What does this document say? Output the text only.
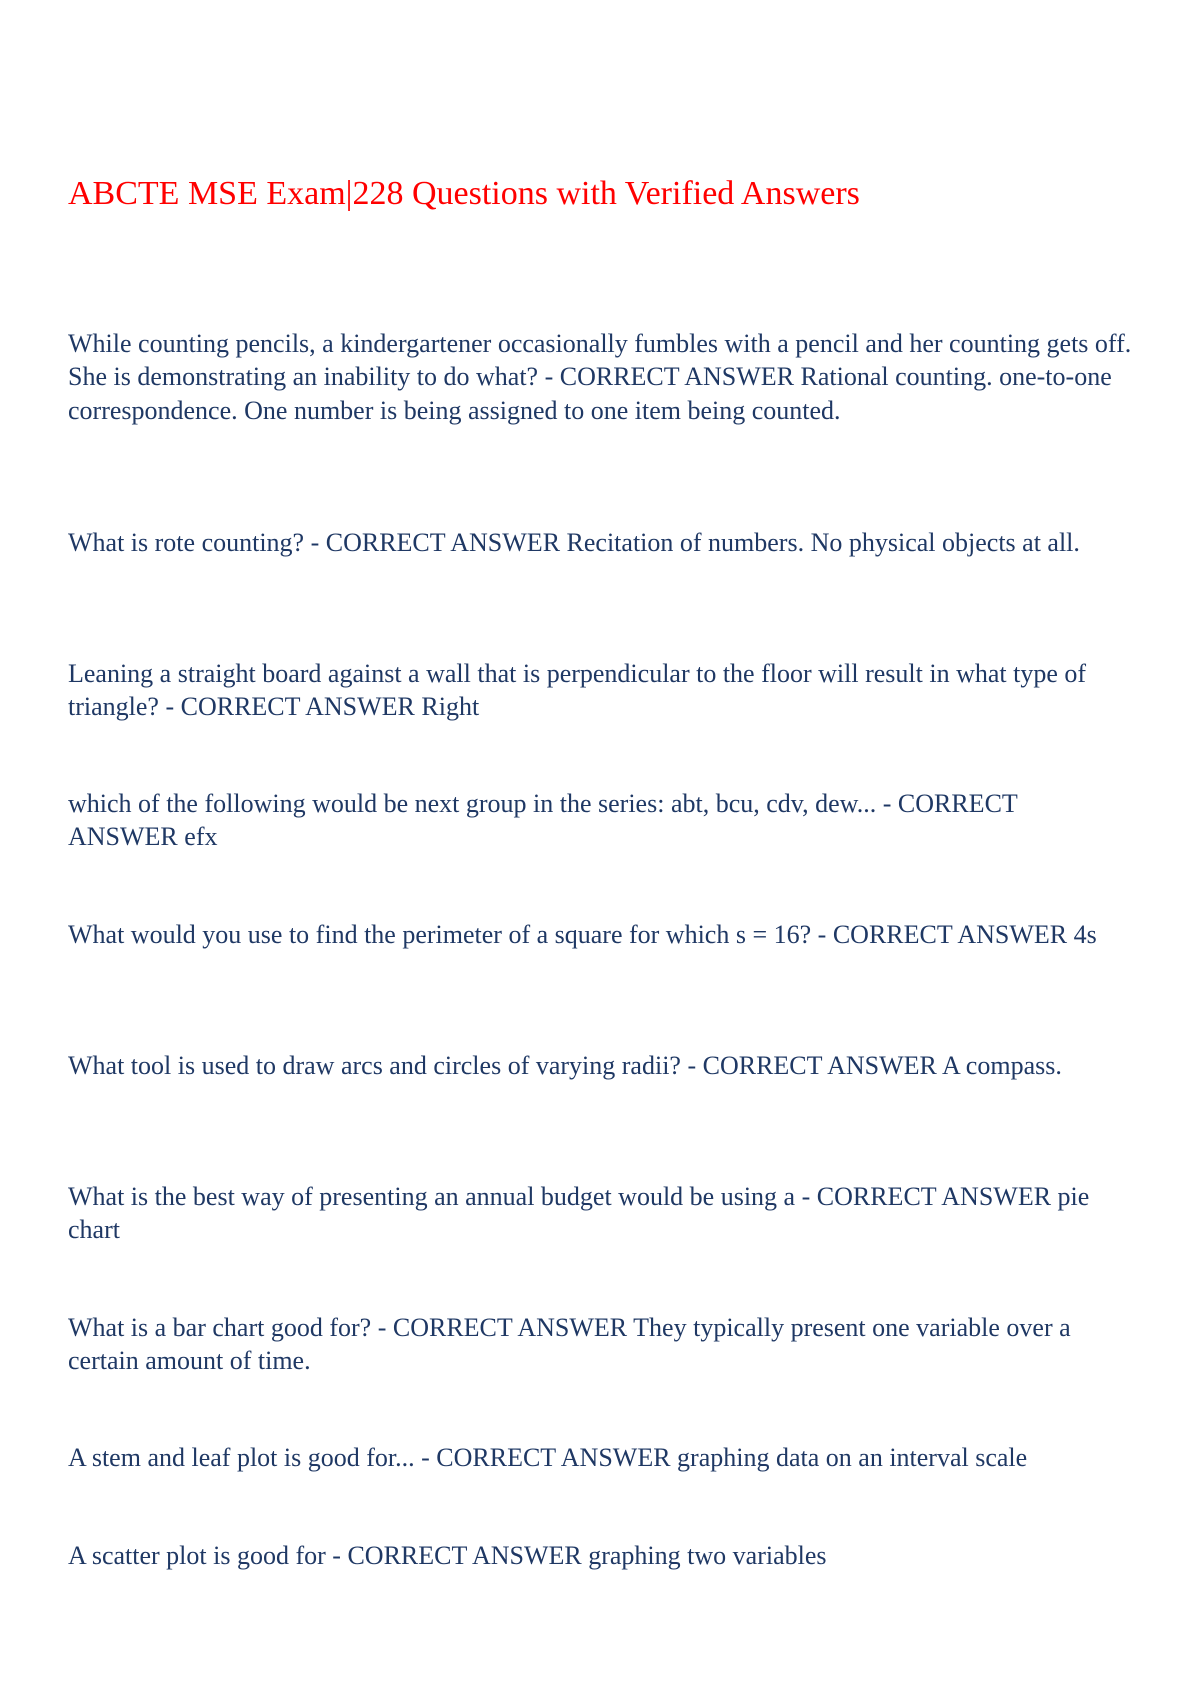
ABCTE MSE Exam|228 Questions with Verified Answers

While counting pencils, a kindergartener occasionally fumbles with a pencil and her counting gets off. She is demonstrating an inability to do what? - CORRECT ANSWER Rational counting. one-to-one correspondence. One number is being assigned to one item being counted.

What is rote counting? - CORRECT ANSWER Recitation of numbers. No physical objects at all.

Leaning a straight board against a wall that is perpendicular to the floor will result in what type of triangle? - CORRECT ANSWER Right

which of the following would be next group in the series: abt, bcu, cdv, dew... - CORRECT ANSWER efx

What would you use to find the perimeter of a square for which s = 16? - CORRECT ANSWER 4s

What tool is used to draw arcs and circles of varying radii? - CORRECT ANSWER A compass.

What is the best way of presenting an annual budget would be using a - CORRECT ANSWER pie chart

What is a bar chart good for? - CORRECT ANSWER They typically present one variable over a certain amount of time.

A stem and leaf plot is good for... - CORRECT ANSWER graphing data on an interval scale

A scatter plot is good for - CORRECT ANSWER graphing two variables
